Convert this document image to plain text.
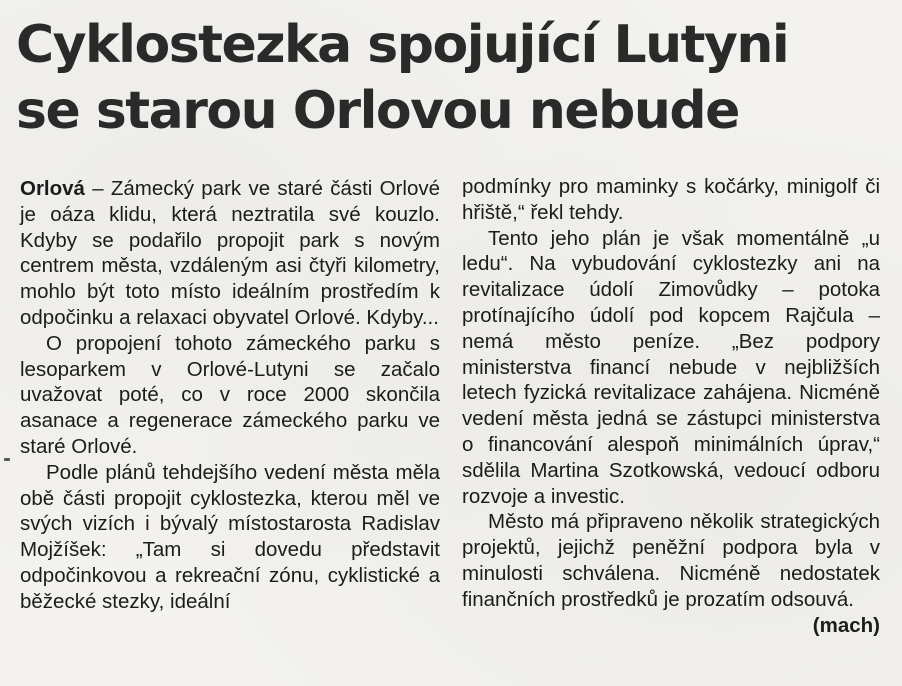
Cyklostezka spojující Lutyni
se starou Orlovou nebude

Orlová – Zámecký park ve staré části Orlové je oáza klidu, která neztratila své kouzlo. Kdyby se podařilo propojit park s novým centrem města, vzdáleným asi čtyři kilometry, mohlo být toto místo ideálním prostředím k odpočinku a relaxaci obyvatel Orlové. Kdyby...

O propojení tohoto zámeckého parku s lesoparkem v Orlové-Lutyni se začalo uvažovat poté, co v roce 2000 skončila asanace a regenerace zámeckého parku ve staré Orlové.

Podle plánů tehdejšího vedení města měla obě části propojit cyklostezka, kterou měl ve svých vizích i bývalý místostarosta Radislav Mojžíšek: „Tam si dovedu představit odpočinkovou a rekreační zónu, cyklistické a běžecké stezky, ideální

podmínky pro maminky s kočárky, minigolf či hřiště,“ řekl tehdy.

Tento jeho plán je však momentálně „u ledu“. Na vybudování cyklostezky ani na revitalizace údolí Zimovůdky – potoka protínajícího údolí pod kopcem Rajčula – nemá město peníze. „Bez podpory ministerstva financí nebude v nejbližších letech fyzická revitalizace zahájena. Nicméně vedení města jedná se zástupci ministerstva o financování alespoň minimálních úprav,“ sdělila Martina Szotkowská, vedoucí odboru rozvoje a investic.

Město má připraveno několik strategických projektů, jejichž peněžní podpora byla v minulosti schválena. Nicméně nedostatek finančních prostředků je prozatím odsouvá.
(mach)
